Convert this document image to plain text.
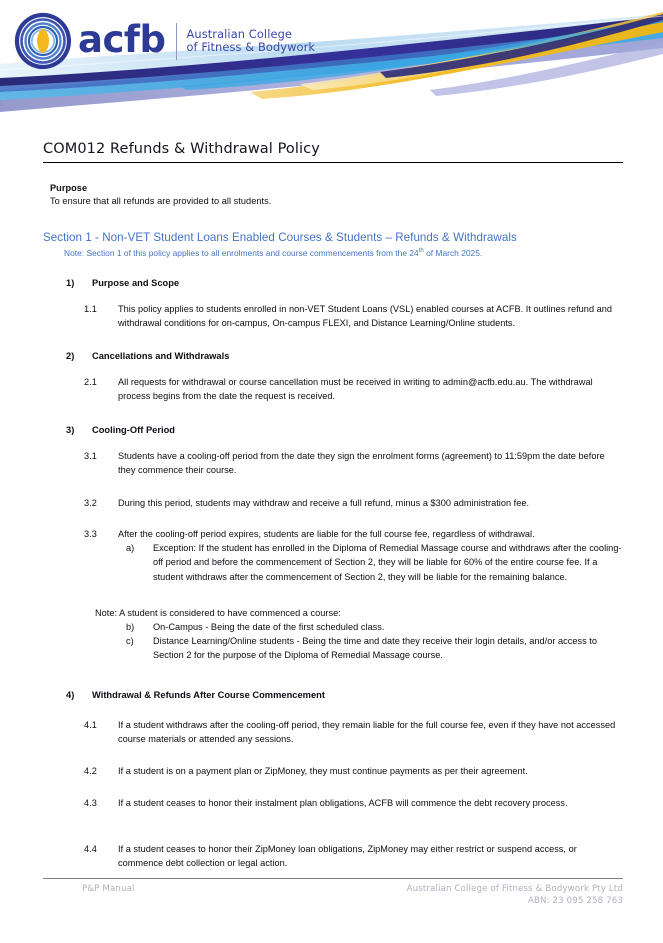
acfb Australian College
of Fitness & Bodywork
COM012 Refunds & Withdrawal Policy
Purpose
To ensure that all refunds are provided to all students.
Section 1 - Non-VET Student Loans Enabled Courses & Students – Refunds & Withdrawals
Note: Section 1 of this policy applies to all enrolments and course commencements from the 24th of March 2025.
1)	Purpose and Scope
1.1	This policy applies to students enrolled in non-VET Student Loans (VSL) enabled courses at ACFB. It outlines refund and withdrawal conditions for on-campus, On-campus FLEXI, and Distance Learning/Online students.
2)	Cancellations and Withdrawals
2.1	All requests for withdrawal or course cancellation must be received in writing to admin@acfb.edu.au. The withdrawal process begins from the date the request is received.
3)	Cooling-Off Period
3.1	Students have a cooling-off period from the date they sign the enrolment forms (agreement) to 11:59pm the date before they commence their course.
3.2	During this period, students may withdraw and receive a full refund, minus a $300 administration fee.
3.3	After the cooling-off period expires, students are liable for the full course fee, regardless of withdrawal.
a)	Exception: If the student has enrolled in the Diploma of Remedial Massage course and withdraws after the cooling-off period and before the commencement of Section 2, they will be liable for 60% of the entire course fee. If a student withdraws after the commencement of Section 2, they will be liable for the remaining balance.
Note: A student is considered to have commenced a course:
b)	On-Campus - Being the date of the first scheduled class.
c)	Distance Learning/Online students - Being the time and date they receive their login details, and/or access to Section 2 for the purpose of the Diploma of Remedial Massage course.
4)	Withdrawal & Refunds After Course Commencement
4.1	If a student withdraws after the cooling-off period, they remain liable for the full course fee, even if they have not accessed course materials or attended any sessions.
4.2	If a student is on a payment plan or ZipMoney, they must continue payments as per their agreement.
4.3	If a student ceases to honor their instalment plan obligations, ACFB will commence the debt recovery process.
4.4	If a student ceases to honor their ZipMoney loan obligations, ZipMoney may either restrict or suspend access, or commence debt collection or legal action.
P&P Manual	Australian College of Fitness & Bodywork Pty Ltd
ABN: 23 095 258 763
